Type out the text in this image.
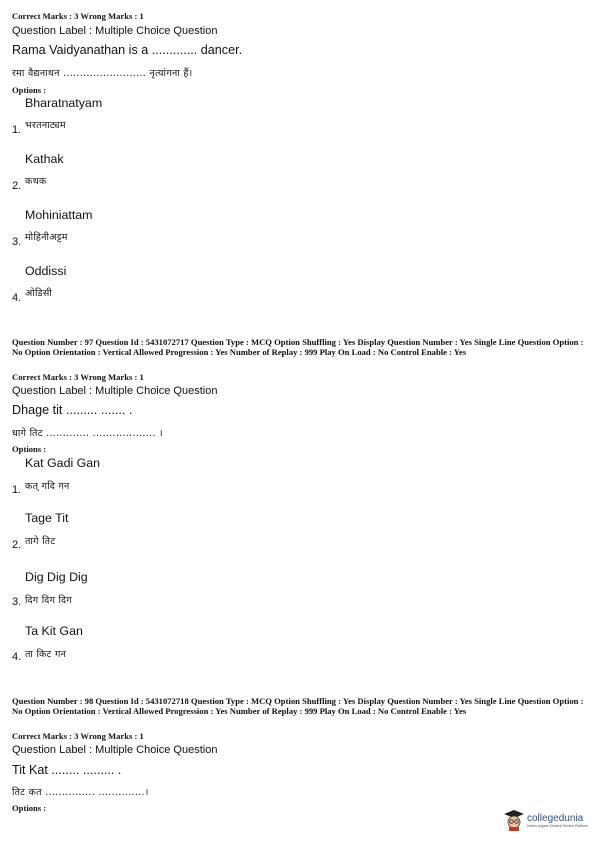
Correct Marks : 3 Wrong Marks : 1
Question Label : Multiple Choice Question
Rama Vaidyanathan is a ............. dancer.
रमा वैद्यनाथन ......................... नृत्यांगना हैं।
Options :
Bharatnatyam
1. भरतनाट्यम
Kathak
2. कथक
Mohiniattam
3. मोहिनीअट्टम
Oddissi
4. ओडिसी
Question Number : 97 Question Id : 5431072717 Question Type : MCQ Option Shuffling : Yes Display Question Number : Yes Single Line Question Option : No Option Orientation : Vertical Allowed Progression : Yes Number of Replay : 999 Play On Load : No Control Enable : Yes
Correct Marks : 3 Wrong Marks : 1
Question Label : Multiple Choice Question
Dhage tit ......... ....... .
धागे तिट ............. ................... ।
Options :
Kat Gadi Gan
1. कत् गदि गन
Tage Tit
2. तागे तिट
Dig Dig Dig
3. दिग दिग दिग
Ta Kit Gan
4. ता किट गन
Question Number : 98 Question Id : 5431072718 Question Type : MCQ Option Shuffling : Yes Display Question Number : Yes Single Line Question Option : No Option Orientation : Vertical Allowed Progression : Yes Number of Replay : 999 Play On Load : No Control Enable : Yes
Correct Marks : 3 Wrong Marks : 1
Question Label : Multiple Choice Question
Tit Kat ........ ......... .
तिट कत ............... ..............।
Options :
collegedunia
India's largest Student Review Platform
